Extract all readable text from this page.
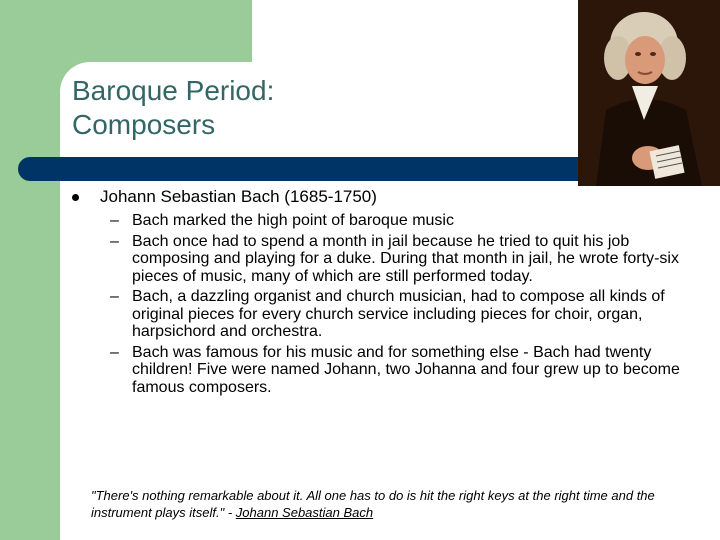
Baroque Period:
Composers
Johann Sebastian Bach (1685-1750)
– Bach marked the high point of baroque music
– Bach once had to spend a month in jail because he tried to quit his job composing and playing for a duke. During that month in jail, he wrote forty-six pieces of music, many of which are still performed today.
– Bach, a dazzling organist and church musician, had to compose all kinds of original pieces for every church service including pieces for choir, organ, harpsichord and orchestra.
– Bach was famous for his music and for something else - Bach had twenty children! Five were named Johann, two Johanna and four grew up to become famous composers.
"There's nothing remarkable about it. All one has to do is hit the right keys at the right time and the instrument plays itself." - Johann Sebastian Bach
